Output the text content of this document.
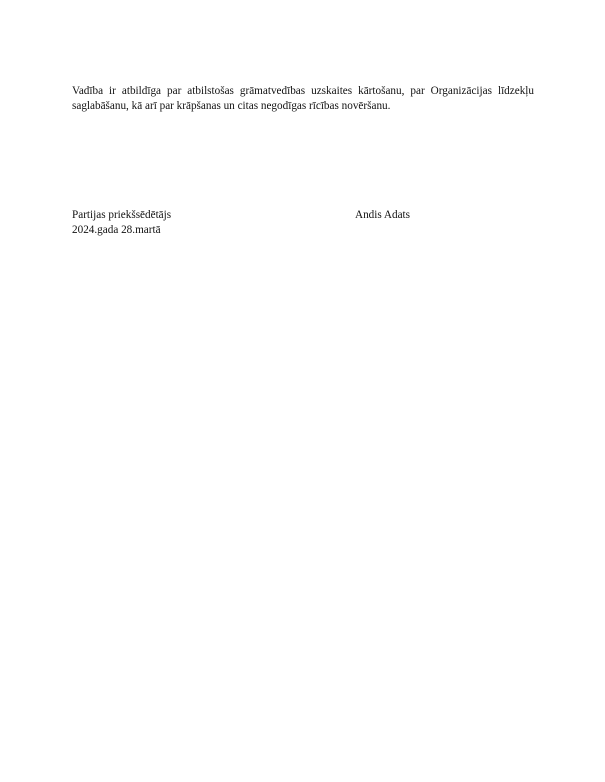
Vadība ir atbildīga par atbilstošas grāmatvedības uzskaites kārtošanu, par Organizācijas līdzekļu saglabāšanu, kā arī par krāpšanas un citas negodīgas rīcības novēršanu.

Partijas priekšsēdētājs
2024.gada 28.martā
Andis Adats
